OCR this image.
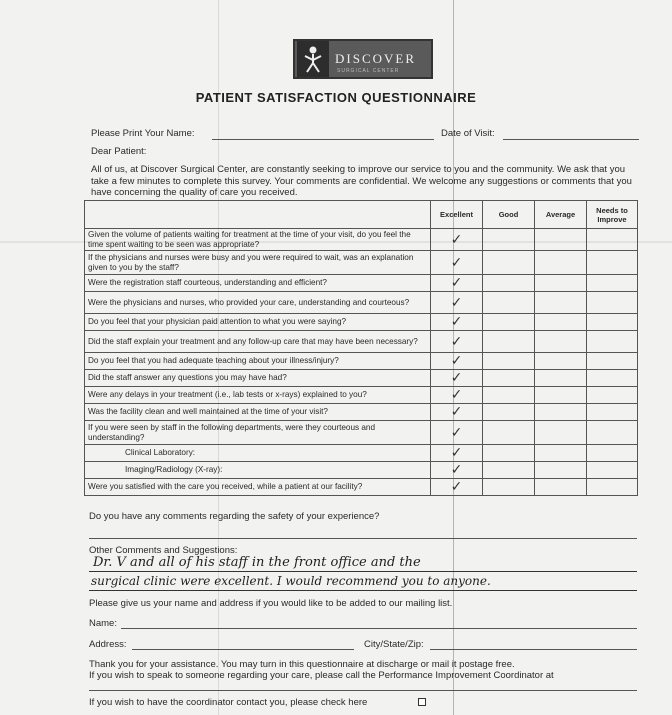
DISCOVER
SURGICAL CENTER
PATIENT SATISFACTION QUESTIONNAIRE
Please Print Your Name:	Date of Visit:
Dear Patient:
All of us, at Discover Surgical Center, are constantly seeking to improve our service to you and the community. We ask that you take a few minutes to complete this survey. Your comments are confidential. We welcome any suggestions or comments that you have concerning the quality of care you received.
	Excellent	Good	Average	Needs to Improve
Given the volume of patients waiting for treatment at the time of your visit, do you feel the time spent waiting to be seen was appropriate?	✓			
If the physicians and nurses were busy and you were required to wait, was an explanation given to you by the staff?	✓			
Were the registration staff courteous, understanding and efficient?	✓			
Were the physicians and nurses, who provided your care, understanding and courteous?	✓			
Do you feel that your physician paid attention to what you were saying?	✓			
Did the staff explain your treatment and any follow-up care that may have been necessary?	✓			
Do you feel that you had adequate teaching about your illness/injury?	✓			
Did the staff answer any questions you may have had?	✓			
Were any delays in your treatment (i.e., lab tests or x-rays) explained to you?	✓			
Was the facility clean and well maintained at the time of your visit?	✓			
If you were seen by staff in the following departments, were they courteous and understanding?	✓			
Clinical Laboratory:	✓			
Imaging/Radiology (X-ray):	✓			
Were you satisfied with the care you received, while a patient at our facility?	✓			
Do you have any comments regarding the safety of your experience?
Other Comments and Suggestions:
Dr. V and all of his staff in the front office and the
surgical clinic were excellent. I would recommend you to anyone.
Please give us your name and address if you would like to be added to our mailing list.
Name:
Address:	City/State/Zip:
Thank you for your assistance. You may turn in this questionnaire at discharge or mail it postage free.
If you wish to speak to someone regarding your care, please call the Performance Improvement Coordinator at
If you wish to have the coordinator contact you, please check here
